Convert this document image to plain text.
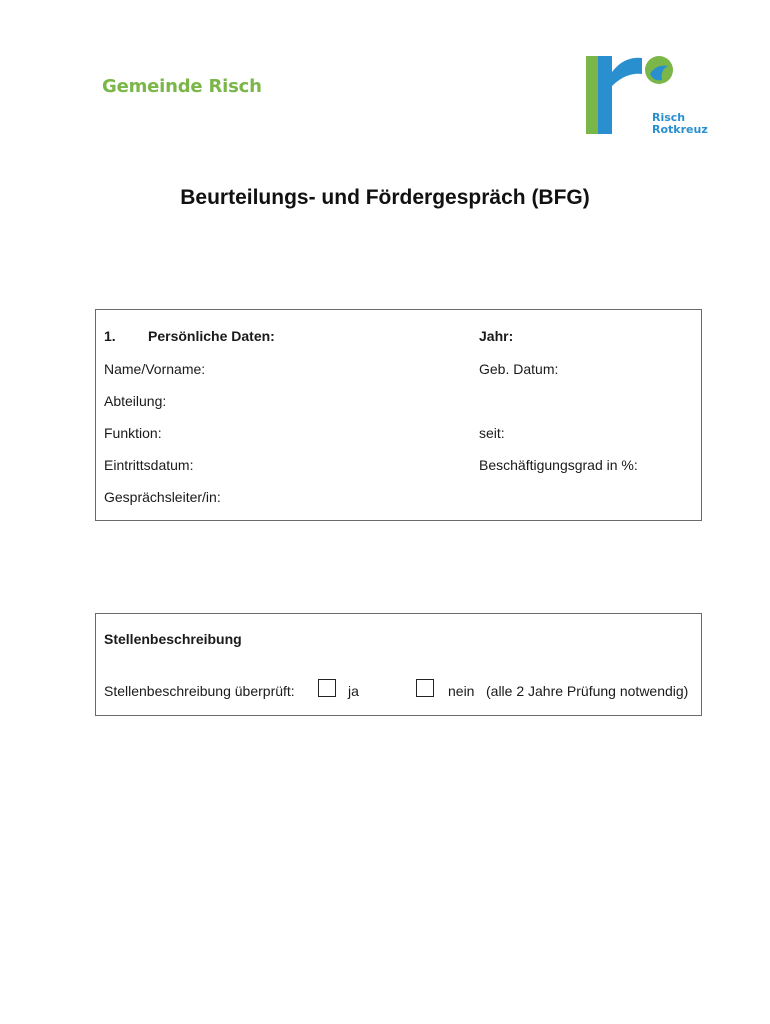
Gemeinde Risch
Risch
Rotkreuz
Beurteilungs- und Fördergespräch (BFG)
1. Persönliche Daten:	Jahr:
Name/Vorname:	Geb. Datum:
Abteilung:
Funktion:	seit:
Eintrittsdatum:	Beschäftigungsgrad in %:
Gesprächsleiter/in:
Stellenbeschreibung
Stellenbeschreibung überprüft:	ja	nein (alle 2 Jahre Prüfung notwendig)
